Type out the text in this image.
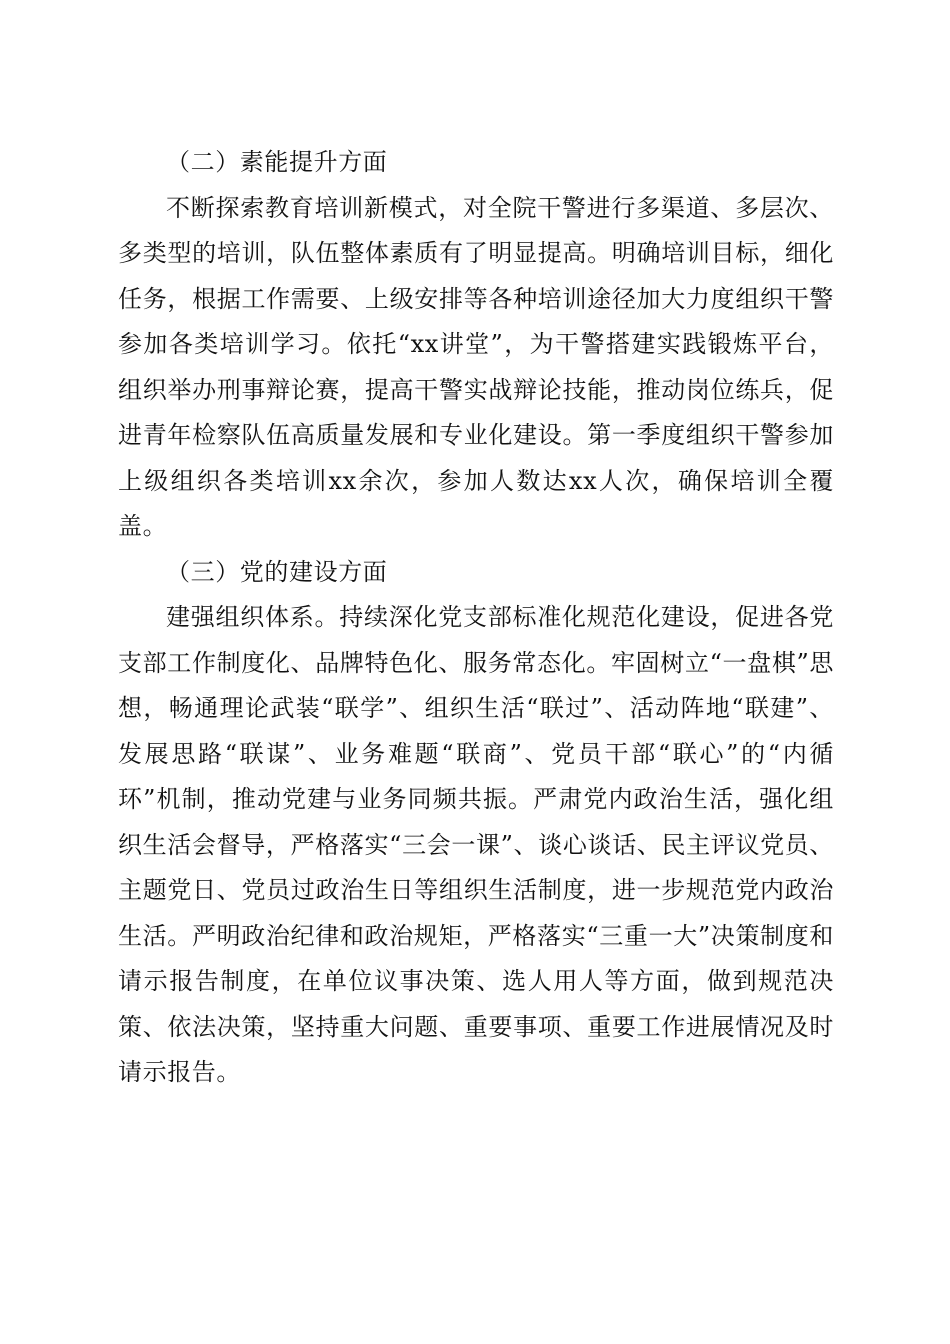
（二）素能提升方面

不断探索教育培训新模式，对全院干警进行多渠道、多层次、多类型的培训，队伍整体素质有了明显提高。明确培训目标，细化任务，根据工作需要、上级安排等各种培训途径加大力度组织干警参加各类培训学习。依托“xx讲堂”，为干警搭建实践锻炼平台，组织举办刑事辩论赛，提高干警实战辩论技能，推动岗位练兵，促进青年检察队伍高质量发展和专业化建设。第一季度组织干警参加上级组织各类培训xx余次，参加人数达xx人次，确保培训全覆盖。

（三）党的建设方面

建强组织体系。持续深化党支部标准化规范化建设，促进各党支部工作制度化、品牌特色化、服务常态化。牢固树立“一盘棋”思想，畅通理论武装“联学”、组织生活“联过”、活动阵地“联建”、发展思路“联谋”、业务难题“联商”、党员干部“联心”的“内循环”机制，推动党建与业务同频共振。严肃党内政治生活，强化组织生活会督导，严格落实“三会一课”、谈心谈话、民主评议党员、主题党日、党员过政治生日等组织生活制度，进一步规范党内政治生活。严明政治纪律和政治规矩，严格落实“三重一大”决策制度和请示报告制度，在单位议事决策、选人用人等方面，做到规范决策、依法决策，坚持重大问题、重要事项、重要工作进展情况及时请示报告。
